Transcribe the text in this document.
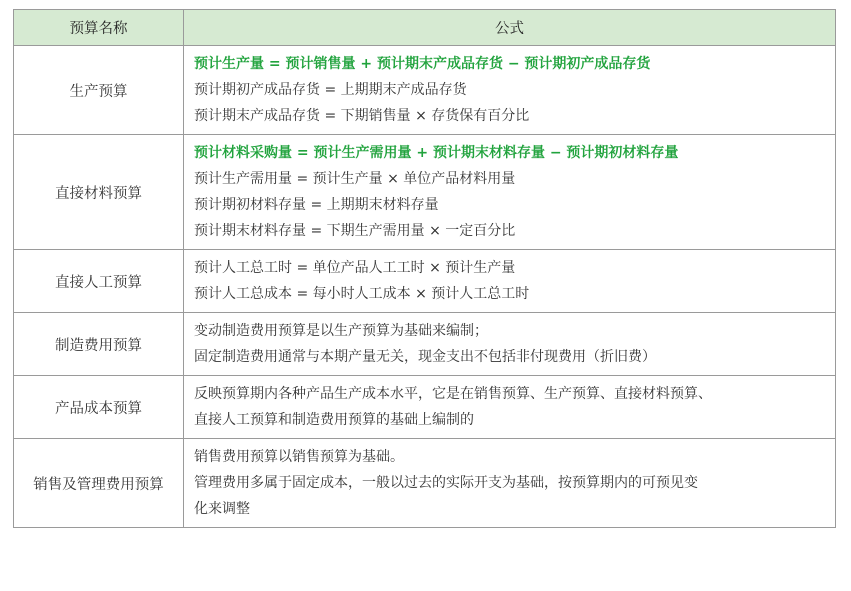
预算名称	公式
生产预算	预计生产量 = 预计销售量 + 预计期末产成品存货 − 预计期初产成品存货
预计期初产成品存货 = 上期期末产成品存货
预计期末产成品存货 = 下期销售量 × 存货保有百分比

直接材料预算	预计材料采购量 = 预计生产需用量 + 预计期末材料存量 − 预计期初材料存量
预计生产需用量 = 预计生产量 × 单位产品材料用量
预计期初材料存量 = 上期期末材料存量
预计期末材料存量 = 下期生产需用量 × 一定百分比

直接人工预算	预计人工总工时 = 单位产品人工工时 × 预计生产量
预计人工总成本 = 每小时人工成本 × 预计人工总工时

制造费用预算	变动制造费用预算是以生产预算为基础来编制；
固定制造费用通常与本期产量无关，现金支出不包括非付现费用（折旧费）

产品成本预算	反映预算期内各种产品生产成本水平，它是在销售预算、生产预算、直接材料预算、
直接人工预算和制造费用预算的基础上编制的

销售及管理费用预算	销售费用预算以销售预算为基础。
管理费用多属于固定成本，一般以过去的实际开支为基础，按预算期内的可预见变
化来调整
